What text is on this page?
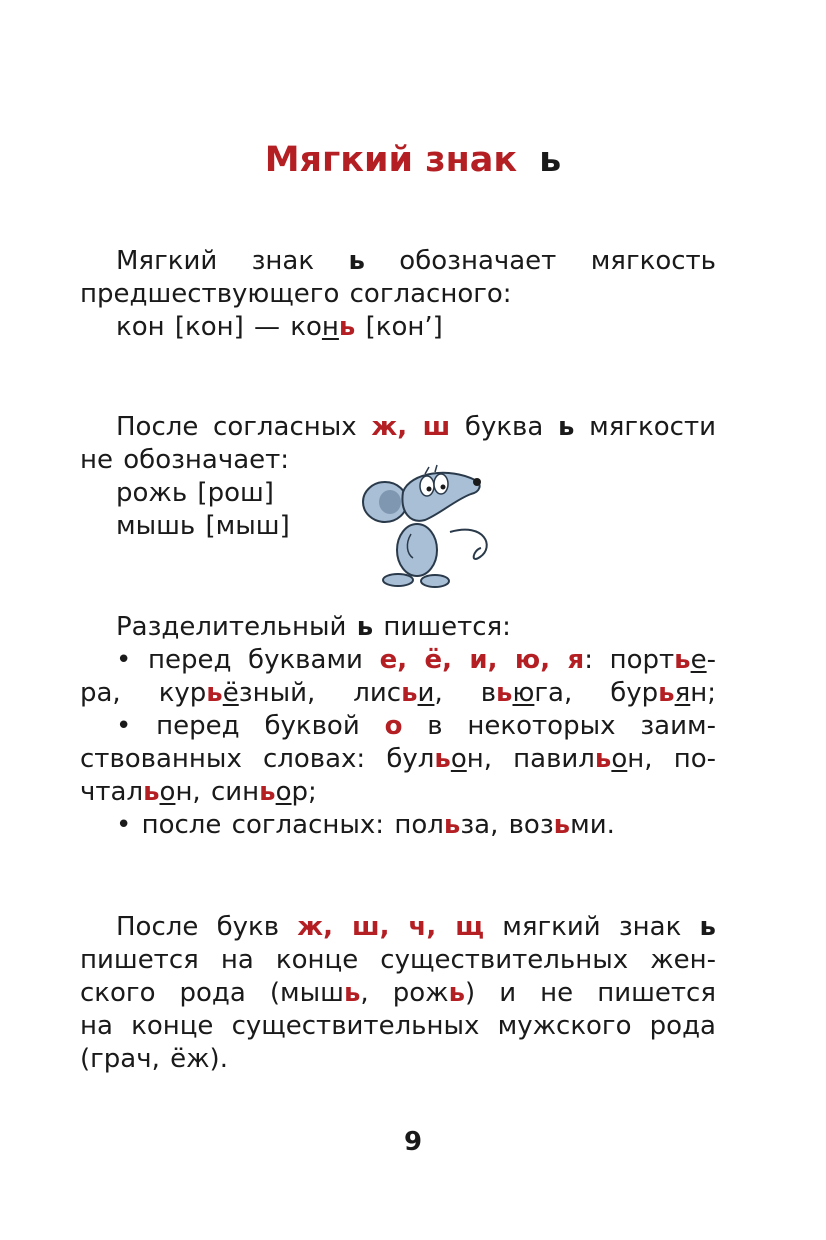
Мягкий знак ь
Мягкий знак ь обозначает мягкость
предшествующего согласного:
кон [кон] — конь [кон’]
После согласных ж, ш буква ь мягкости
не обозначает:
рожь [рош]
мышь [мыш]
Разделительный ь пишется:
• перед буквами е, ё, и, ю, я: портье-
ра, курьёзный, лисьи, вьюга, бурьян;
• перед буквой о в некоторых заим-
ствованных словах: бульон, павильон, по-
чтальон, синьор;
• после согласных: польза, возьми.
После букв ж, ш, ч, щ мягкий знак ь
пишется на конце существительных жен-
ского рода (мышь, рожь) и не пишется
на конце существительных мужского рода
(грач, ёж).
9
